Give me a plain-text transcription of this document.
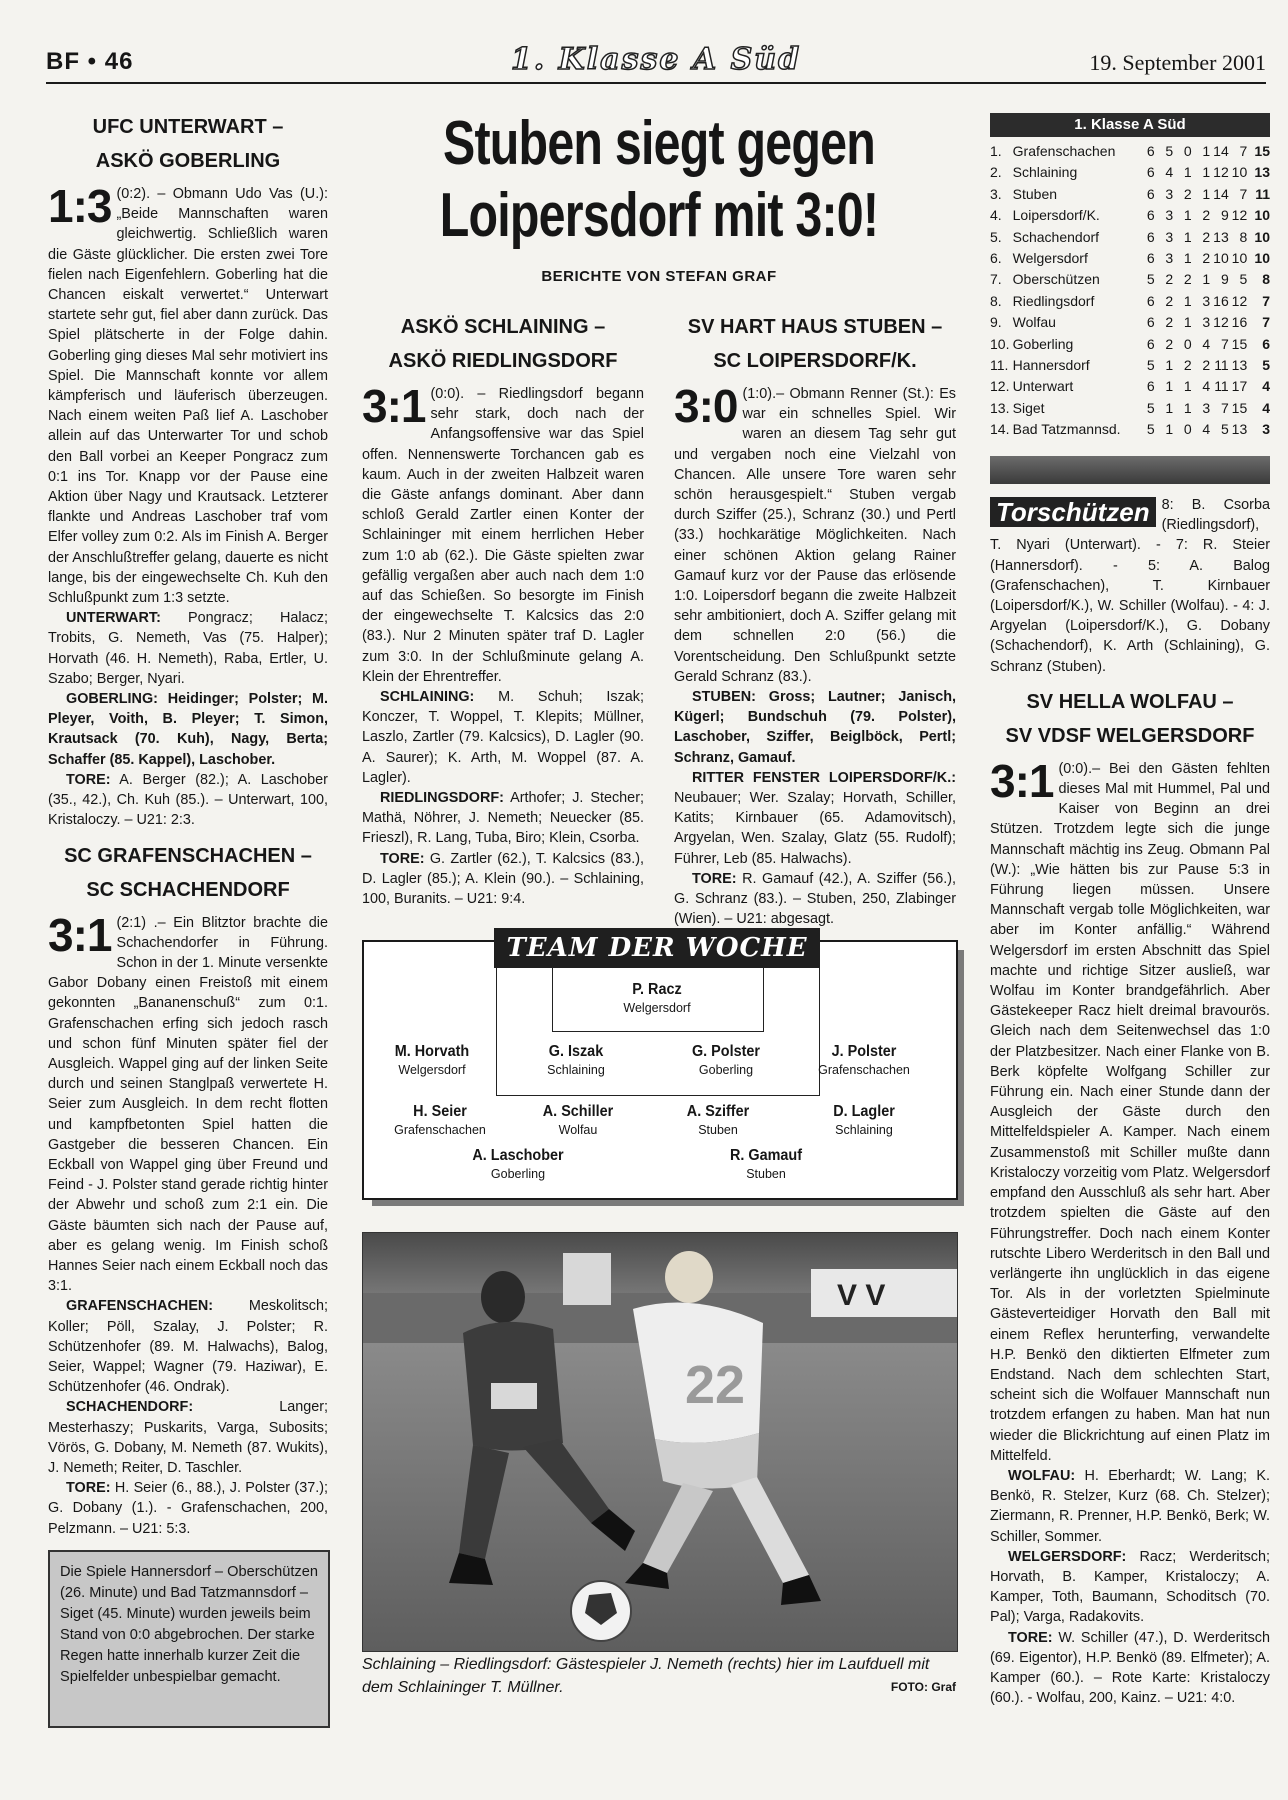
BF • 46	1. Klasse A Süd	19. September 2001
UFC UNTERWART –
ASKÖ GOBERLING
1:3 (0:2). – Obmann Udo Vas (U.): „Beide Mannschaften waren gleichwertig. Schließlich waren die Gäste glücklicher. Die ersten zwei Tore fielen nach Eigenfehlern. Goberling hat die Chancen eiskalt verwertet.“ Unterwart startete sehr gut, fiel aber dann zurück. Das Spiel plätscherte in der Folge dahin. Goberling ging dieses Mal sehr motiviert ins Spiel. Die Mannschaft konnte vor allem kämpferisch und läuferisch überzeugen. Nach einem weiten Paß lief A. Laschober allein auf das Unterwarter Tor und schob den Ball vorbei an Keeper Pongracz zum 0:1 ins Tor. Knapp vor der Pause eine Aktion über Nagy und Krautsack. Letzterer flankte und Andreas Laschober traf vom Elfer volley zum 0:2. Als im Finish A. Berger der Anschlußtreffer gelang, dauerte es nicht lange, bis der eingewechselte Ch. Kuh den Schlußpunkt zum 1:3 setzte.

UNTERWART: Pongracz; Halacz; Trobits, G. Nemeth, Vas (75. Halper); Horvath (46. H. Nemeth), Raba, Ertler, U. Szabo; Berger, Nyari.

GOBERLING: Heidinger; Polster; M. Pleyer, Voith, B. Pleyer; T. Simon, Krautsack (70. Kuh), Nagy, Berta; Schaffer (85. Kappel), Laschober.

TORE: A. Berger (82.); A. Laschober (35., 42.), Ch. Kuh (85.). – Unterwart, 100, Kristaloczy. – U21: 2:3.

SC GRAFENSCHACHEN –
SC SCHACHENDORF
3:1 (2:1) .– Ein Blitztor brachte die Schachendorfer in Führung. Schon in der 1. Minute versenkte Gabor Dobany einen Freistoß mit einem gekonnten „Bananenschuß“ zum 0:1. Grafenschachen erfing sich jedoch rasch und schon fünf Minuten später fiel der Ausgleich. Wappel ging auf der linken Seite durch und seinen Stanglpaß verwertete H. Seier zum Ausgleich. In dem recht flotten und kampfbetonten Spiel hatten die Gastgeber die besseren Chancen. Ein Eckball von Wappel ging über Freund und Feind - J. Polster stand gerade richtig hinter der Abwehr und schoß zum 2:1 ein. Die Gäste bäumten sich nach der Pause auf, aber es gelang wenig. Im Finish schoß Hannes Seier nach einem Eckball noch das 3:1.

GRAFENSCHACHEN: Meskolitsch; Koller; Pöll, Szalay, J. Polster; R. Schützenhofer (89. M. Halwachs), Balog, Seier, Wappel; Wagner (79. Haziwar), E. Schützenhofer (46. Ondrak).

SCHACHENDORF:	Langer; Mesterhaszy; Puskarits, Varga, Subosits; Vörös, G. Dobany, M. Nemeth (87. Wukits), J. Nemeth; Reiter, D. Taschler.

TORE: H. Seier (6., 88.), J. Polster (37.); G. Dobany (1.). - Grafenschachen, 200, Pelzmann. – U21: 5:3.

Die Spiele Hannersdorf – Oberschützen (26. Minute) und Bad Tatzmannsdorf – Siget (45. Minute) wurden jeweils beim Stand von 0:0 abgebrochen. Der starke Regen hatte innerhalb kurzer Zeit die Spielfelder unbespielbar gemacht.
Stuben siegt gegen
Loipersdorf mit 3:0!
BERICHTE VON STEFAN GRAF
ASKÖ SCHLAINING –
ASKÖ RIEDLINGSDORF
3:1 (0:0). – Riedlingsdorf begann sehr stark, doch nach der Anfangsoffensive war das Spiel offen. Nennenswerte Torchancen gab es kaum. Auch in der zweiten Halbzeit waren die Gäste anfangs dominant. Aber dann schloß Gerald Zartler einen Konter der Schlaininger mit einem herrlichen Heber zum 1:0 ab (62.). Die Gäste spielten zwar gefällig vergaßen aber auch nach dem 1:0 auf das Schießen. So besorgte im Finish der eingewechselte T. Kalcsics das 2:0 (83.). Nur 2 Minuten später traf D. Lagler zum 3:0. In der Schlußminute gelang A. Klein der Ehrentreffer.

SCHLAINING: M. Schuh; Iszak; Konczer, T. Woppel, T. Klepits; Müllner, Laszlo, Zartler (79. Kalcsics), D. Lagler (90. A. Saurer); K. Arth, M. Woppel (87. A. Lagler).

RIEDLINGSDORF: Arthofer; J. Stecher; Mathä, Nöhrer, J. Nemeth; Neuecker (85. Frieszl), R. Lang, Tuba, Biro; Klein, Csorba.

TORE: G. Zartler (62.), T. Kalcsics (83.), D. Lagler (85.); A. Klein (90.). – Schlaining, 100, Buranits. – U21: 9:4.

SV HART HAUS STUBEN –
SC LOIPERSDORF/K.
3:0 (1:0).– Obmann Renner (St.): Es war ein schnelles Spiel. Wir waren an diesem Tag sehr gut und vergaben noch eine Vielzahl von Chancen. Alle unsere Tore waren sehr schön herausgespielt.“ Stuben vergab durch Sziffer (25.), Schranz (30.) und Pertl (33.) hochkarätige Möglichkeiten. Nach einer schönen Aktion gelang Rainer Gamauf kurz vor der Pause das erlösende 1:0. Loipersdorf begann die zweite Halbzeit sehr ambitioniert, doch A. Sziffer gelang mit dem schnellen 2:0 (56.) die Vorentscheidung. Den Schlußpunkt setzte Gerald Schranz (83.).

STUBEN: Gross; Lautner; Janisch, Kügerl; Bundschuh (79. Polster), Laschober, Sziffer, Beiglböck, Pertl; Schranz, Gamauf.

RITTER FENSTER LOIPERSDORF/K.: Neubauer; Wer. Szalay; Horvath, Schiller, Katits; Kirnbauer (65. Adamovitsch), Argyelan, Wen. Szalay, Glatz (55. Rudolf); Führer, Leb (85. Halwachs).

TORE: R. Gamauf (42.), A. Sziffer (56.), G. Schranz (83.). – Stuben, 250, Zlabinger (Wien). – U21: abgesagt.

TEAM DER WOCHE
P. Racz
Welgersdorf
M. Horvath
Welgersdorf
G. Iszak
Schlaining
G. Polster
Goberling
J. Polster
Grafenschachen
H. Seier
Grafenschachen
A. Schiller
Wolfau
A. Sziffer
Stuben
D. Lagler
Schlaining
A. Laschober
Goberling
R. Gamauf
Stuben
V V
22
Schlaining – Riedlingsdorf: Gästespieler J. Nemeth (rechts) hier im Laufduell mit dem Schlaininger T. Müllner.	FOTO: Graf
1. Klasse A Süd
1.	Grafenschachen	6	5	0	1	14	7	15
2.	Schlaining	6	4	1	1	12	10	13
3.	Stuben	6	3	2	1	14	7	11
4.	Loipersdorf/K.	6	3	1	2	9	12	10
5.	Schachendorf	6	3	1	2	13	8	10
6.	Welgersdorf	6	3	1	2	10	10	10
7.	Oberschützen	5	2	2	1	9	5	8
8.	Riedlingsdorf	6	2	1	3	16	12	7
9.	Wolfau	6	2	1	3	12	16	7
10.	Goberling	6	2	0	4	7	15	6
11.	Hannersdorf	5	1	2	2	11	13	5
12.	Unterwart	6	1	1	4	11	17	4
13.	Siget	5	1	1	3	7	15	4
14.	Bad Tatzmannsd.	5	1	0	4	5	13	3

Torschützen 8: B. Csorba (Riedlingsdorf), T. Nyari (Unterwart). - 7: R. Steier (Hannersdorf). - 5: A. Balog (Grafenschachen), T. Kirnbauer (Loipersdorf/K.), W. Schiller (Wolfau). - 4: J. Argyelan (Loipersdorf/K.), G. Dobany (Schachendorf), K. Arth (Schlaining), G. Schranz (Stuben).

SV HELLA WOLFAU –
SV VDSF WELGERSDORF
3:1 (0:0).– Bei den Gästen fehlten dieses Mal mit Hummel, Pal und Kaiser von Beginn an drei Stützen. Trotzdem legte sich die junge Mannschaft mächtig ins Zeug. Obmann Pal (W.): „Wie hätten bis zur Pause 5:3 in Führung liegen müssen. Unsere Mannschaft vergab tolle Möglichkeiten, war aber im Konter anfällig.“ Während Welgersdorf im ersten Abschnitt das Spiel machte und richtige Sitzer ausließ, war Wolfau im Konter brandgefährlich. Aber Gästekeeper Racz hielt dreimal bravourös. Gleich nach dem Seitenwechsel das 1:0 der Platzbesitzer. Nach einer Flanke von B. Berk köpfelte Wolfgang Schiller zur Führung ein. Nach einer Stunde dann der Ausgleich der Gäste durch den Mittelfeldspieler A. Kamper. Nach einem Zusammenstoß mit Schiller mußte dann Kristaloczy vorzeitig vom Platz. Welgersdorf empfand den Ausschluß als sehr hart. Aber trotzdem spielten die Gäste auf den Führungstreffer. Doch nach einem Konter rutschte Libero Werderitsch in den Ball und verlängerte ihn unglücklich in das eigene Tor. Als in der vorletzten Spielminute Gästeverteidiger Horvath den Ball mit einem Reflex herunterfing, verwandelte H.P. Benkö den diktierten Elfmeter zum Endstand. Nach dem schlechten Start, scheint sich die Wolfauer Mannschaft nun trotzdem erfangen zu haben. Man hat nun wieder die Blickrichtung auf einen Platz im Mittelfeld.

WOLFAU: H. Eberhardt; W. Lang; K. Benkö, R. Stelzer, Kurz (68. Ch. Stelzer); Ziermann, R. Prenner, H.P. Benkö, Berk; W. Schiller, Sommer.

WELGERSDORF: Racz; Werderitsch; Horvath, B. Kamper, Kristaloczy; A. Kamper, Toth, Baumann, Schoditsch (70. Pal); Varga, Radakovits.

TORE: W. Schiller (47.), D. Werderitsch (69. Eigentor), H.P. Benkö (89. Elfmeter); A. Kamper (60.). – Rote Karte: Kristaloczy (60.). - Wolfau, 200, Kainz. – U21: 4:0.
